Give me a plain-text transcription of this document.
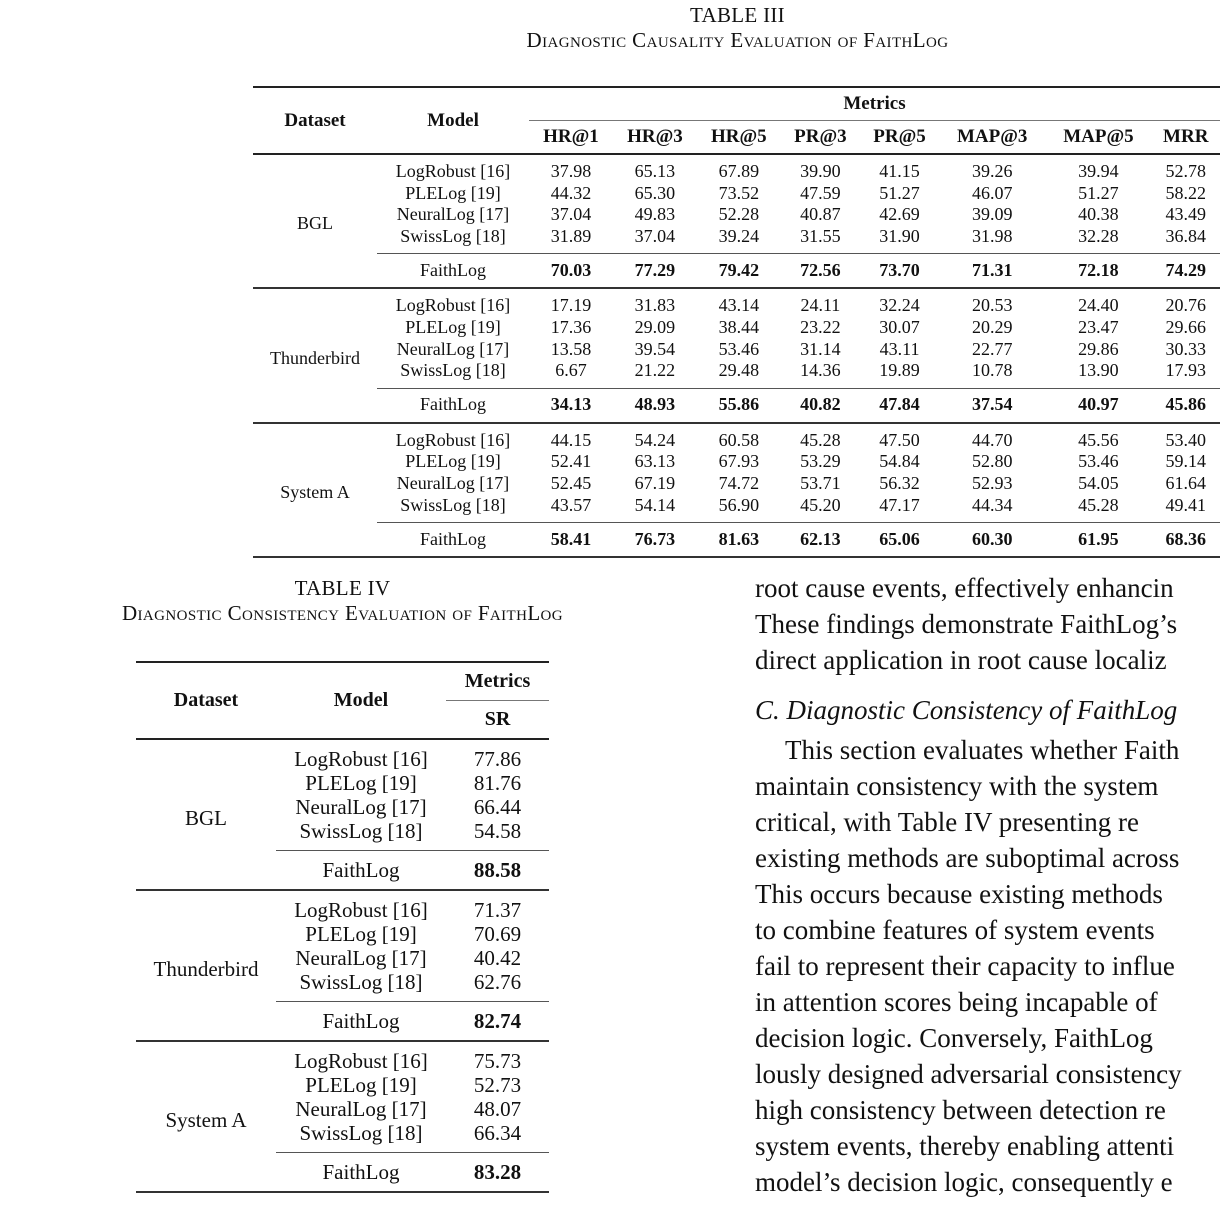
TABLE III
Diagnostic Causality Evaluation of FaithLog
Dataset	Model	Metrics							
		HR@1	HR@3	HR@5	PR@3	PR@5	MAP@3	MAP@5	MRR
BGL	LogRobust [16]	37.98	65.13	67.89	39.90	41.15	39.26	39.94	52.78
	PLELog [19]	44.32	65.30	73.52	47.59	51.27	46.07	51.27	58.22
	NeuralLog [17]	37.04	49.83	52.28	40.87	42.69	39.09	40.38	43.49
	SwissLog [18]	31.89	37.04	39.24	31.55	31.90	31.98	32.28	36.84
	FaithLog	70.03	77.29	79.42	72.56	73.70	71.31	72.18	74.29
Thunderbird	LogRobust [16]	17.19	31.83	43.14	24.11	32.24	20.53	24.40	20.76
	PLELog [19]	17.36	29.09	38.44	23.22	30.07	20.29	23.47	29.66
	NeuralLog [17]	13.58	39.54	53.46	31.14	43.11	22.77	29.86	30.33
	SwissLog [18]	6.67	21.22	29.48	14.36	19.89	10.78	13.90	17.93
	FaithLog	34.13	48.93	55.86	40.82	47.84	37.54	40.97	45.86
System A	LogRobust [16]	44.15	54.24	60.58	45.28	47.50	44.70	45.56	53.40
	PLELog [19]	52.41	63.13	67.93	53.29	54.84	52.80	53.46	59.14
	NeuralLog [17]	52.45	67.19	74.72	53.71	56.32	52.93	54.05	61.64
	SwissLog [18]	43.57	54.14	56.90	45.20	47.17	44.34	45.28	49.41
	FaithLog	58.41	76.73	81.63	62.13	65.06	60.30	61.95	68.36
TABLE IV
Diagnostic Consistency Evaluation of FaithLog
Dataset	Model	Metrics
		SR
BGL	LogRobust [16]	77.86
	PLELog [19]	81.76
	NeuralLog [17]	66.44
	SwissLog [18]	54.58
	FaithLog	88.58
Thunderbird	LogRobust [16]	71.37
	PLELog [19]	70.69
	NeuralLog [17]	40.42
	SwissLog [18]	62.76
	FaithLog	82.74
System A	LogRobust [16]	75.73
	PLELog [19]	52.73
	NeuralLog [17]	48.07
	SwissLog [18]	66.34
	FaithLog	83.28

root cause events, effectively enhancin

These findings demonstrate FaithLog’s

direct application in root cause localiz

C. Diagnostic Consistency of FaithLog

This section evaluates whether Faith

maintain consistency with the system

critical, with Table IV presenting re

existing methods are suboptimal across

This occurs because existing methods

to combine features of system events

fail to represent their capacity to influe

in attention scores being incapable of

decision logic. Conversely, FaithLog

lously designed adversarial consistency

high consistency between detection re

system events, thereby enabling attenti

model’s decision logic, consequently e
